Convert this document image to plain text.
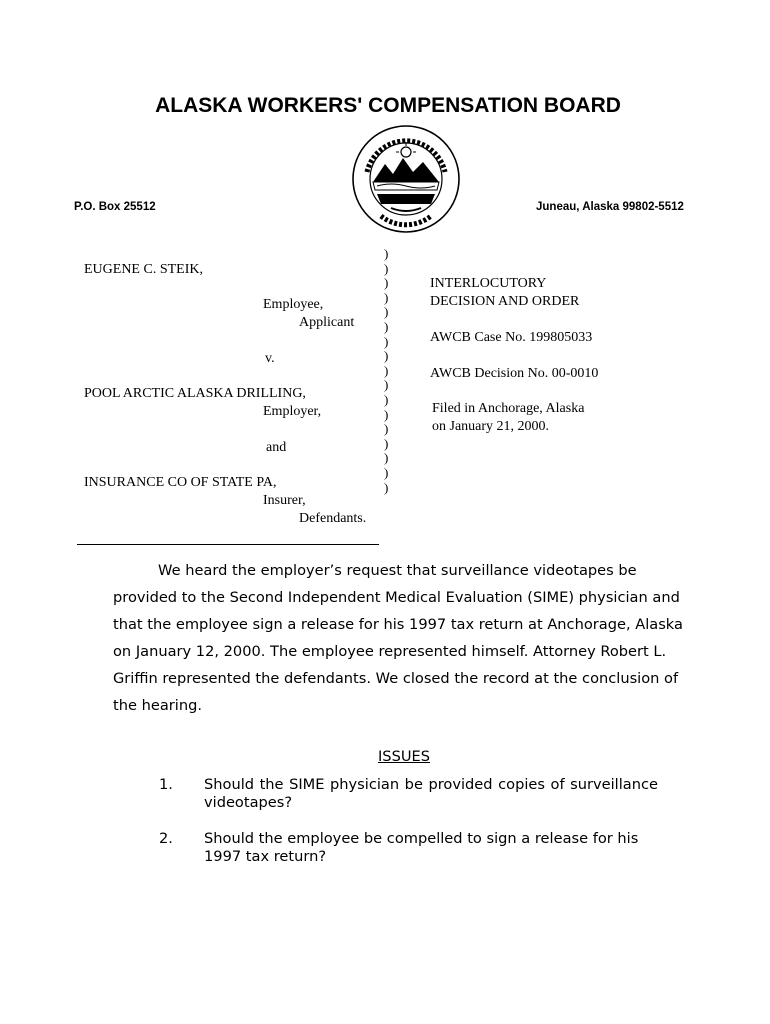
ALASKA WORKERS' COMPENSATION BOARD
P.O. Box 25512	Juneau, Alaska 99802-5512
EUGENE C. STEIK,
Employee,
Applicant
v.
POOL ARCTIC ALASKA DRILLING,
Employer,
and
INSURANCE CO OF STATE PA,
Insurer,
Defendants.
)
)
)
)
)
)
)
)
)
)
)
)
)
)
)
)
)
INTERLOCUTORY
DECISION AND ORDER
AWCB Case No. 199805033
AWCB Decision No. 00-0010
Filed in Anchorage, Alaska
on January 21, 2000.

We heard the employer’s request that surveillance videotapes be provided to the Second Independent Medical Evaluation (SIME) physician and that the employee sign a release for his 1997 tax return at Anchorage, Alaska on January 12, 2000. The employee represented himself. Attorney Robert L. Griffin represented the defendants. We closed the record at the conclusion of the hearing.

ISSUES
1. Should the SIME physician be provided copies of surveillance videotapes?
2. Should the employee be compelled to sign a release for his 1997 tax return?
